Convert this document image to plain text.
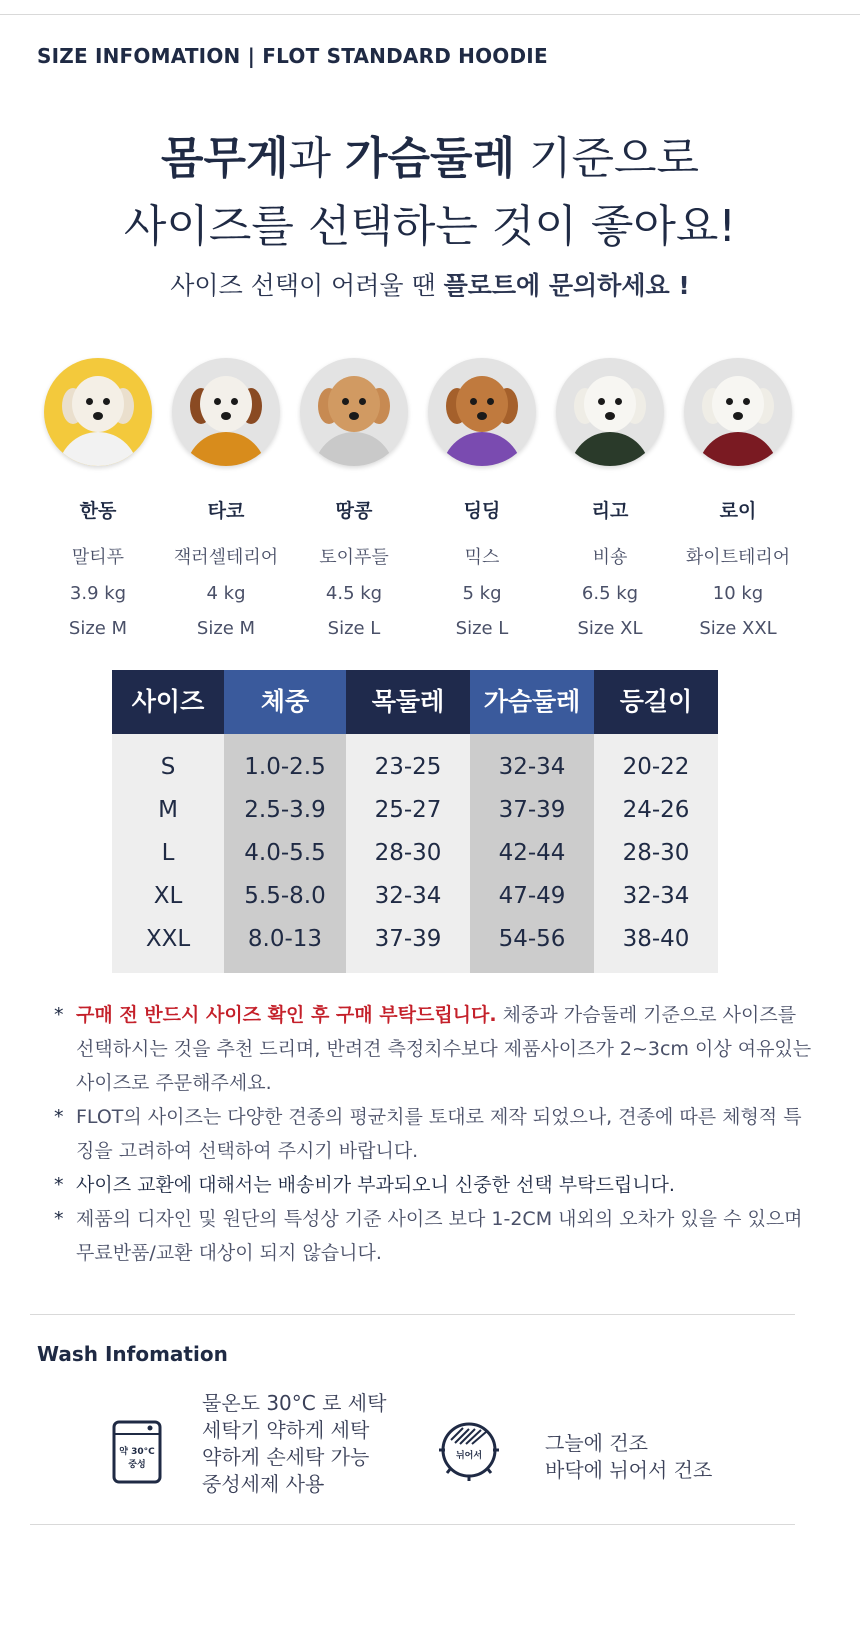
SIZE INFOMATION | FLOT STANDARD HOODIE
몸무게과 가슴둘레 기준으로
사이즈를 선택하는 것이 좋아요!
사이즈 선택이 어려울 땐 플로트에 문의하세요 !
한동
말티푸
3.9 kg
Size M
타코
잭러셀테리어
4 kg
Size M
땅콩
토이푸들
4.5 kg
Size L
딩딩
믹스
5 kg
Size L
리고
비숑
6.5 kg
Size XL
로이
화이트테리어
10 kg
Size XXL
사이즈	체중	목둘레	가슴둘레	등길이
S	1.0-2.5	23-25	32-34	20-22
M	2.5-3.9	25-27	37-39	24-26
L	4.0-5.5	28-30	42-44	28-30
XL	5.5-8.0	32-34	47-49	32-34
XXL	8.0-13	37-39	54-56	38-40
* 구매 전 반드시 사이즈 확인 후 구매 부탁드립니다. 체중과 가슴둘레 기준으로 사이즈를 선택하시는 것을 추천 드리며, 반려견 측정치수보다 제품사이즈가 2~3cm 이상 여유있는 사이즈로 주문해주세요.

* FLOT의 사이즈는 다양한 견종의 평균치를 토대로 제작 되었으나, 견종에 따른 체형적 특징을 고려하여 선택하여 주시기 바랍니다.

* 사이즈 교환에 대해서는 배송비가 부과되오니 신중한 선택 부탁드립니다.

* 제품의 디자인 및 원단의 특성상 기준 사이즈 보다 1-2CM 내외의 오차가 있을 수 있으며 무료반품/교환 대상이 되지 않습니다.

Wash Infomation
약 30°C
중성
물온도 30°C 로 세탁
세탁기 약하게 세탁
약하게 손세탁 가능
중성세제 사용
뉘어서
그늘에 건조
바닥에 뉘어서 건조
